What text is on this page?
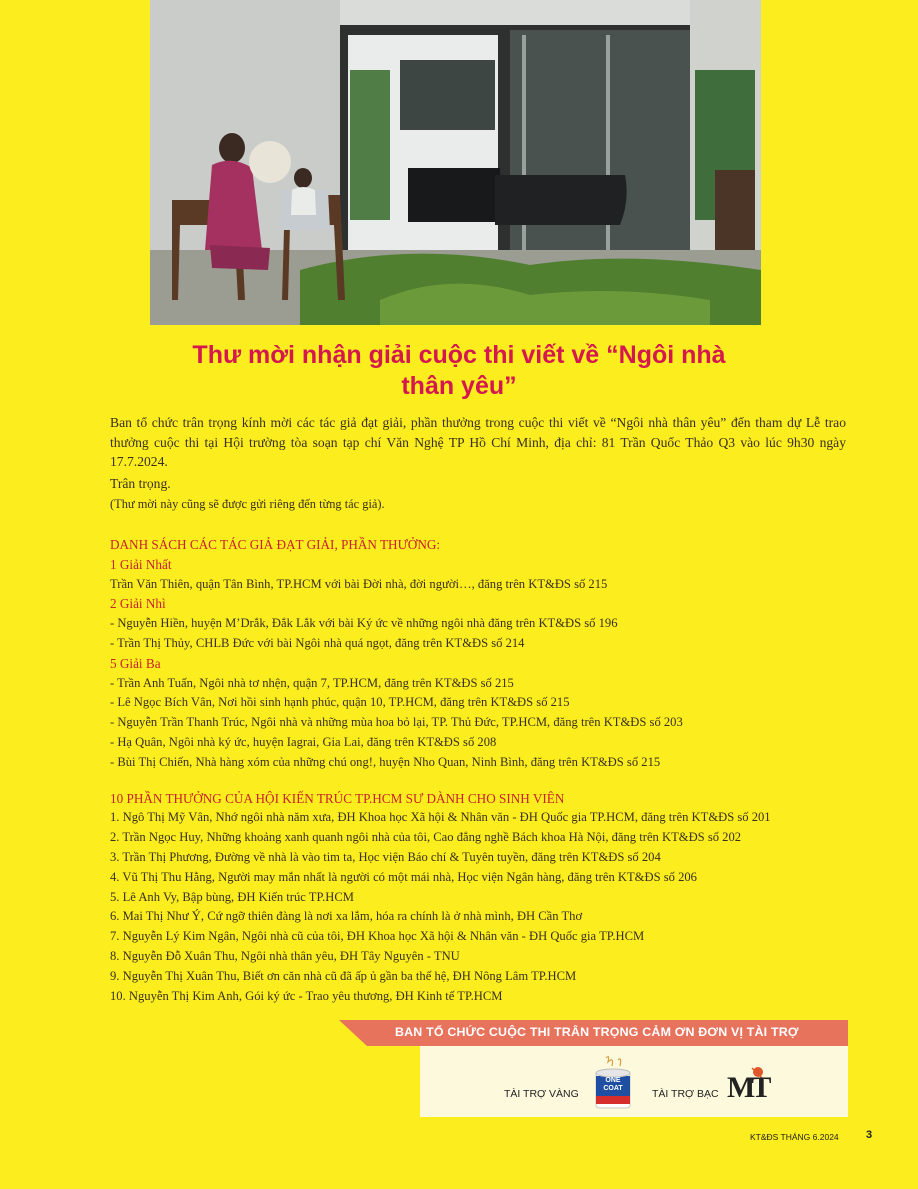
Thư mời nhận giải cuộc thi viết về “Ngôi nhà thân yêu”

Ban tổ chức trân trọng kính mời các tác giả đạt giải, phần thưởng trong cuộc thi viết về “Ngôi nhà thân yêu” đến tham dự Lễ trao thưởng cuộc thi tại Hội trường tòa soạn tạp chí Văn Nghệ TP Hồ Chí Minh, địa chỉ: 81 Trần Quốc Thảo Q3 vào lúc 9h30 ngày 17.7.2024.

Trân trọng.
(Thư mời này cũng sẽ được gửi riêng đến từng tác giả).
DANH SÁCH CÁC TÁC GIẢ ĐẠT GIẢI, PHẦN THƯỞNG:
1 Giải Nhất
Trần Văn Thiên, quận Tân Bình, TP.HCM với bài Đời nhà, đời người…, đăng trên KT&ĐS số 215
2 Giải Nhì
- Nguyễn Hiền, huyện M’Drắk, Đắk Lắk với bài Ký ức về những ngôi nhà đăng trên KT&ĐS số 196
- Trần Thị Thủy, CHLB Đức với bài Ngôi nhà quá ngọt, đăng trên KT&ĐS số 214
5 Giải Ba
- Trần Anh Tuấn, Ngôi nhà tơ nhện, quận 7, TP.HCM, đăng trên KT&ĐS số 215
- Lê Ngọc Bích Vân, Nơi hồi sinh hạnh phúc, quận 10, TP.HCM, đăng trên KT&ĐS số 215
- Nguyễn Trần Thanh Trúc, Ngôi nhà và những mùa hoa bỏ lại, TP. Thủ Đức, TP.HCM, đăng trên KT&ĐS số 203
- Hạ Quân, Ngôi nhà ký ức, huyện Iagrai, Gia Lai, đăng trên KT&ĐS số 208
- Bùi Thị Chiến, Nhà hàng xóm của những chú ong!, huyện Nho Quan, Ninh Bình, đăng trên KT&ĐS số 215
10 PHẦN THƯỞNG CỦA HỘI KIẾN TRÚC TP.HCM SƯ DÀNH CHO SINH VIÊN
1. Ngô Thị Mỹ Vân, Nhớ ngôi nhà năm xưa, ĐH Khoa học Xã hội & Nhân văn - ĐH Quốc gia TP.HCM, đăng trên KT&ĐS số 201
2. Trần Ngọc Huy, Những khoảng xanh quanh ngôi nhà của tôi, Cao đẳng nghề Bách khoa Hà Nội, đăng trên KT&ĐS số 202
3. Trần Thị Phương, Đường về nhà là vào tim ta, Học viện Báo chí & Tuyên tuyền, đăng trên KT&ĐS số 204
4. Vũ Thị Thu Hằng, Người may mắn nhất là người có một mái nhà, Học viện Ngân hàng, đăng trên KT&ĐS số 206
5. Lê Anh Vy, Bập bùng, ĐH Kiến trúc TP.HCM
6. Mai Thị Như Ý, Cứ ngỡ thiên đàng là nơi xa lắm, hóa ra chính là ở nhà mình, ĐH Cần Thơ
7. Nguyễn Lý Kim Ngân, Ngôi nhà cũ của tôi, ĐH Khoa học Xã hội & Nhân văn - ĐH Quốc gia TP.HCM
8. Nguyễn Đỗ Xuân Thu, Ngôi nhà thân yêu, ĐH Tây Nguyên - TNU
9. Nguyễn Thị Xuân Thu, Biết ơn căn nhà cũ đã ấp ủ gần ba thế hệ, ĐH Nông Lâm TP.HCM
10. Nguyễn Thị Kim Anh, Gói ký ức - Trao yêu thương, ĐH Kinh tế TP.HCM
BAN TỔ CHỨC CUỘC THI TRÂN TRỌNG CẢM ƠN ĐƠN VỊ TÀI TRỢ
TÀI TRỢ VÀNG
ONE COAT	TÀI TRỢ BẠC MT
KT&ĐS THÁNG 6.2024 3
